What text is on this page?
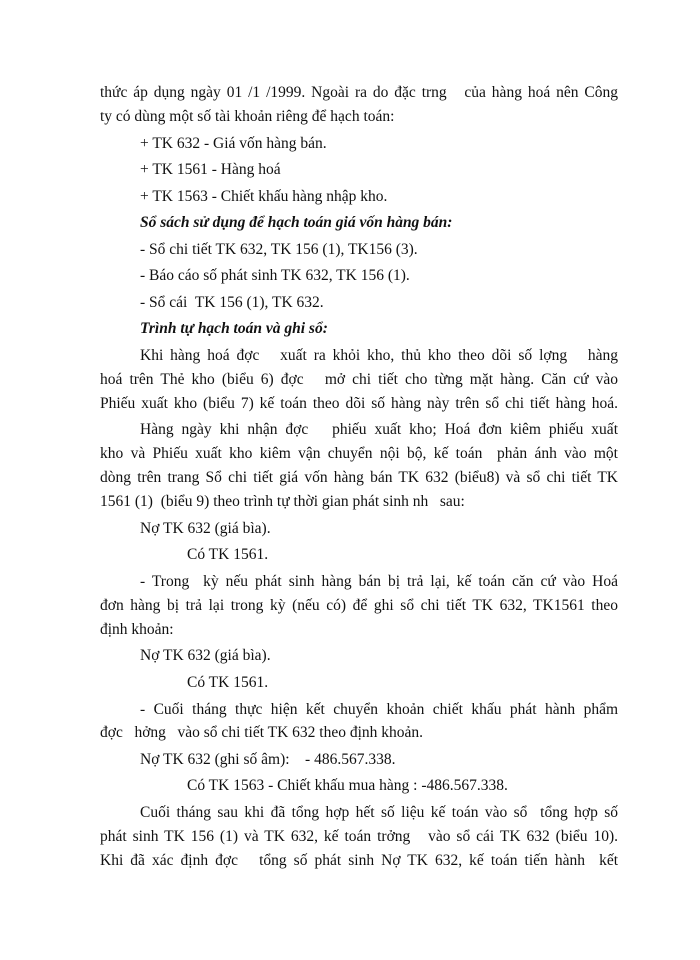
thức áp dụng ngày 01 /1 /1999. Ngoài ra do đặc trng   của hàng hoá nên Công
ty có dùng một số tài khoản riêng để hạch toán:
+ TK 632 - Giá vốn hàng bán.
+ TK 1561 - Hàng hoá
+ TK 1563 - Chiết khấu hàng nhập kho.
Sổ sách sử dụng để hạch toán giá vốn hàng bán:
- Sổ chi tiết TK 632, TK 156 (1), TK156 (3).
- Báo cáo số phát sinh TK 632, TK 156 (1).
- Sổ cái  TK 156 (1), TK 632.
Trình tự hạch toán và ghi sổ:
Khi hàng hoá đợc   xuất ra khỏi kho, thủ kho theo dõi số lợng   hàng
hoá trên Thẻ kho (biểu 6) đợc   mở chi tiết cho từng mặt hàng. Căn cứ vào
Phiếu xuất kho (biểu 7) kế toán theo dõi số hàng này trên sổ chi tiết hàng hoá.
Hàng ngày khi nhận đợc   phiếu xuất kho; Hoá đơn kiêm phiếu xuất
kho và Phiếu xuất kho kiêm vận chuyển nội bộ, kế toán  phản ánh vào một
dòng trên trang Sổ chi tiết giá vốn hàng bán TK 632 (biểu8) và sổ chi tiết TK
1561 (1)  (biểu 9) theo trình tự thời gian phát sinh nh   sau:
Nợ TK 632 (giá bìa).
Có TK 1561.
- Trong  kỳ nếu phát sinh hàng bán bị trả lại, kế toán căn cứ vào Hoá
đơn hàng bị trả lại trong kỳ (nếu có) để ghi sổ chi tiết TK 632, TK1561 theo
định khoản:
Nợ TK 632 (giá bìa).
Có TK 1561.
- Cuối tháng thực hiện kết chuyển khoản chiết khấu phát hành phẩm
đợc   hởng   vào sổ chi tiết TK 632 theo định khoản.
Nợ TK 632 (ghi số âm):    - 486.567.338.
Có TK 1563 - Chiết khấu mua hàng : -486.567.338.
Cuối tháng sau khi đã tổng hợp hết số liệu kế toán vào sổ  tổng hợp số
phát sinh TK 156 (1) và TK 632, kế toán trởng   vào sổ cái TK 632 (biểu 10).
Khi đã xác định đợc   tổng số phát sinh Nợ TK 632, kế toán tiến hành  kết
